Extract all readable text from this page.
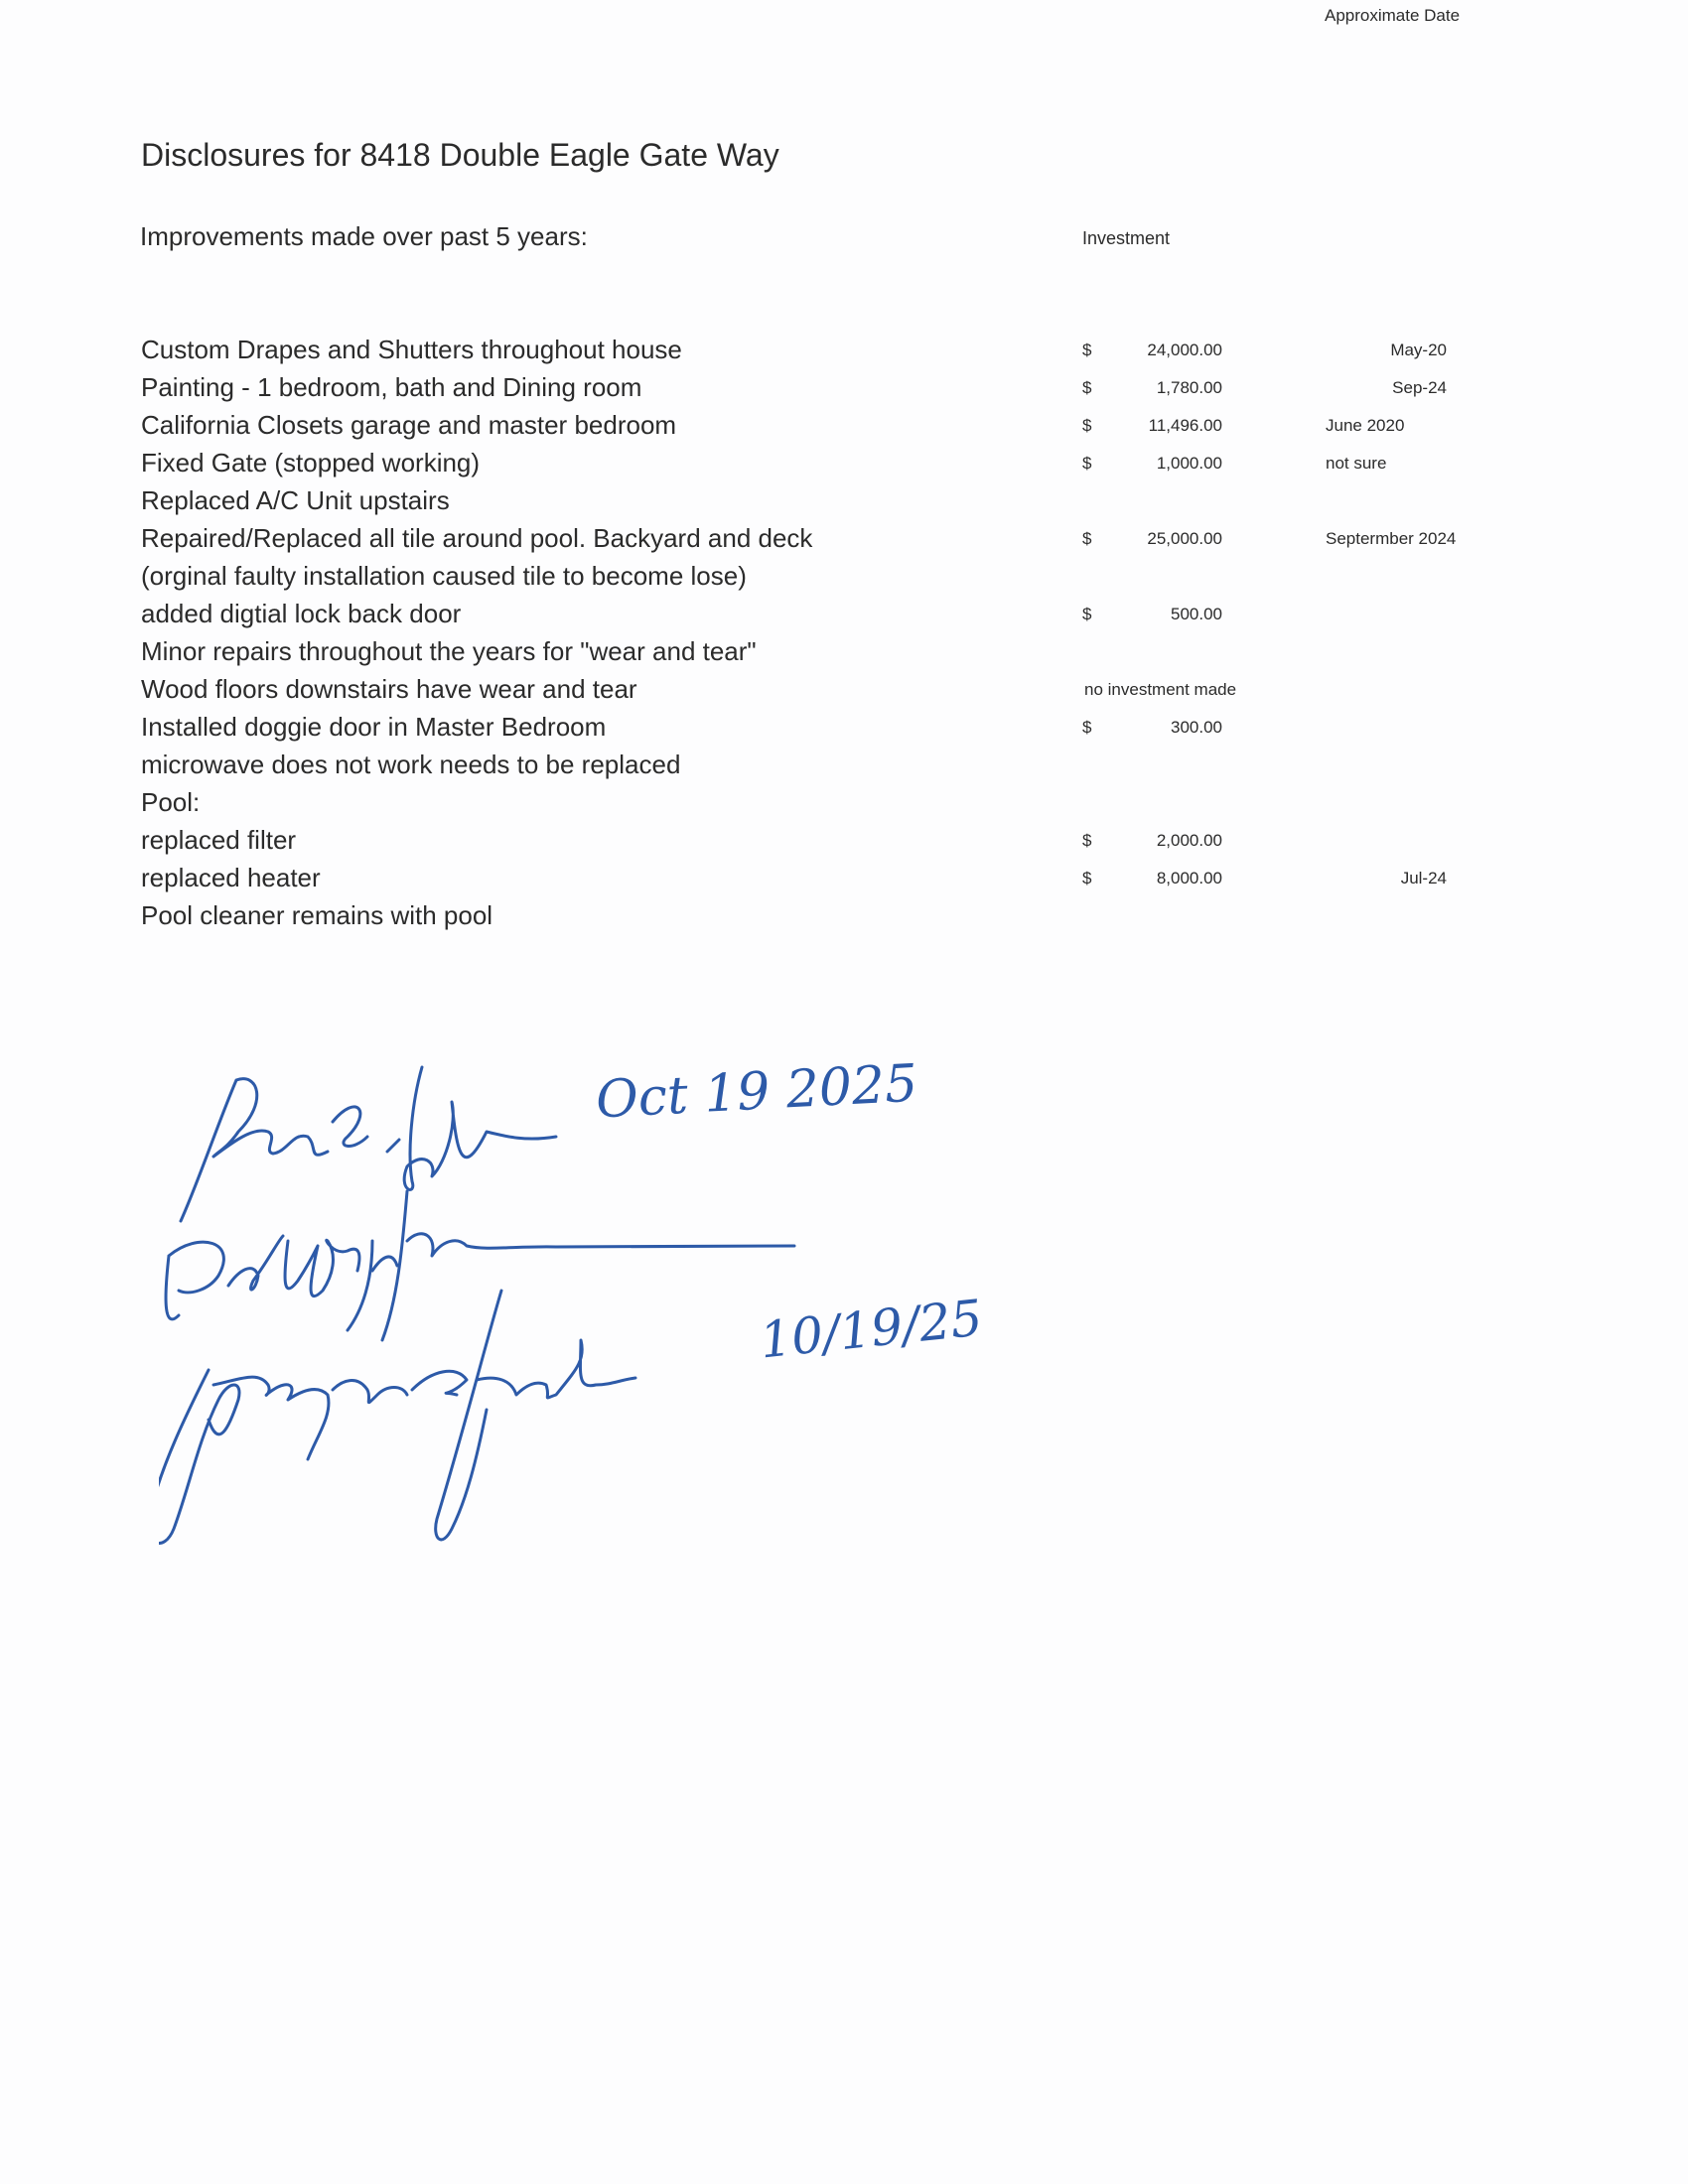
Disclosures for 8418 Double Eagle Gate Way
Improvements made over past 5 years:	Investment
Approximate Date
Custom Drapes and Shutters throughout house	$	24,000.00	May-20
Painting - 1 bedroom, bath and Dining room	$	1,780.00	Sep-24
California Closets garage and master bedroom	$	11,496.00	June 2020
Fixed Gate (stopped working)	$	1,000.00	not sure
Replaced A/C Unit upstairs
Repaired/Replaced all tile around pool. Backyard and deck	$	25,000.00	Septermber 2024
(orginal faulty installation caused tile to become lose)
added digtial lock back door	$	500.00
Minor repairs throughout the years for "wear and tear"
Wood floors downstairs have wear and tear	no investment made
Installed doggie door in Master Bedroom	$	300.00
microwave does not work needs to be replaced
Pool:
replaced filter	$	2,000.00
replaced heater	$	8,000.00	Jul-24
Pool cleaner remains with pool
Oct 19 2025
10/19/25
